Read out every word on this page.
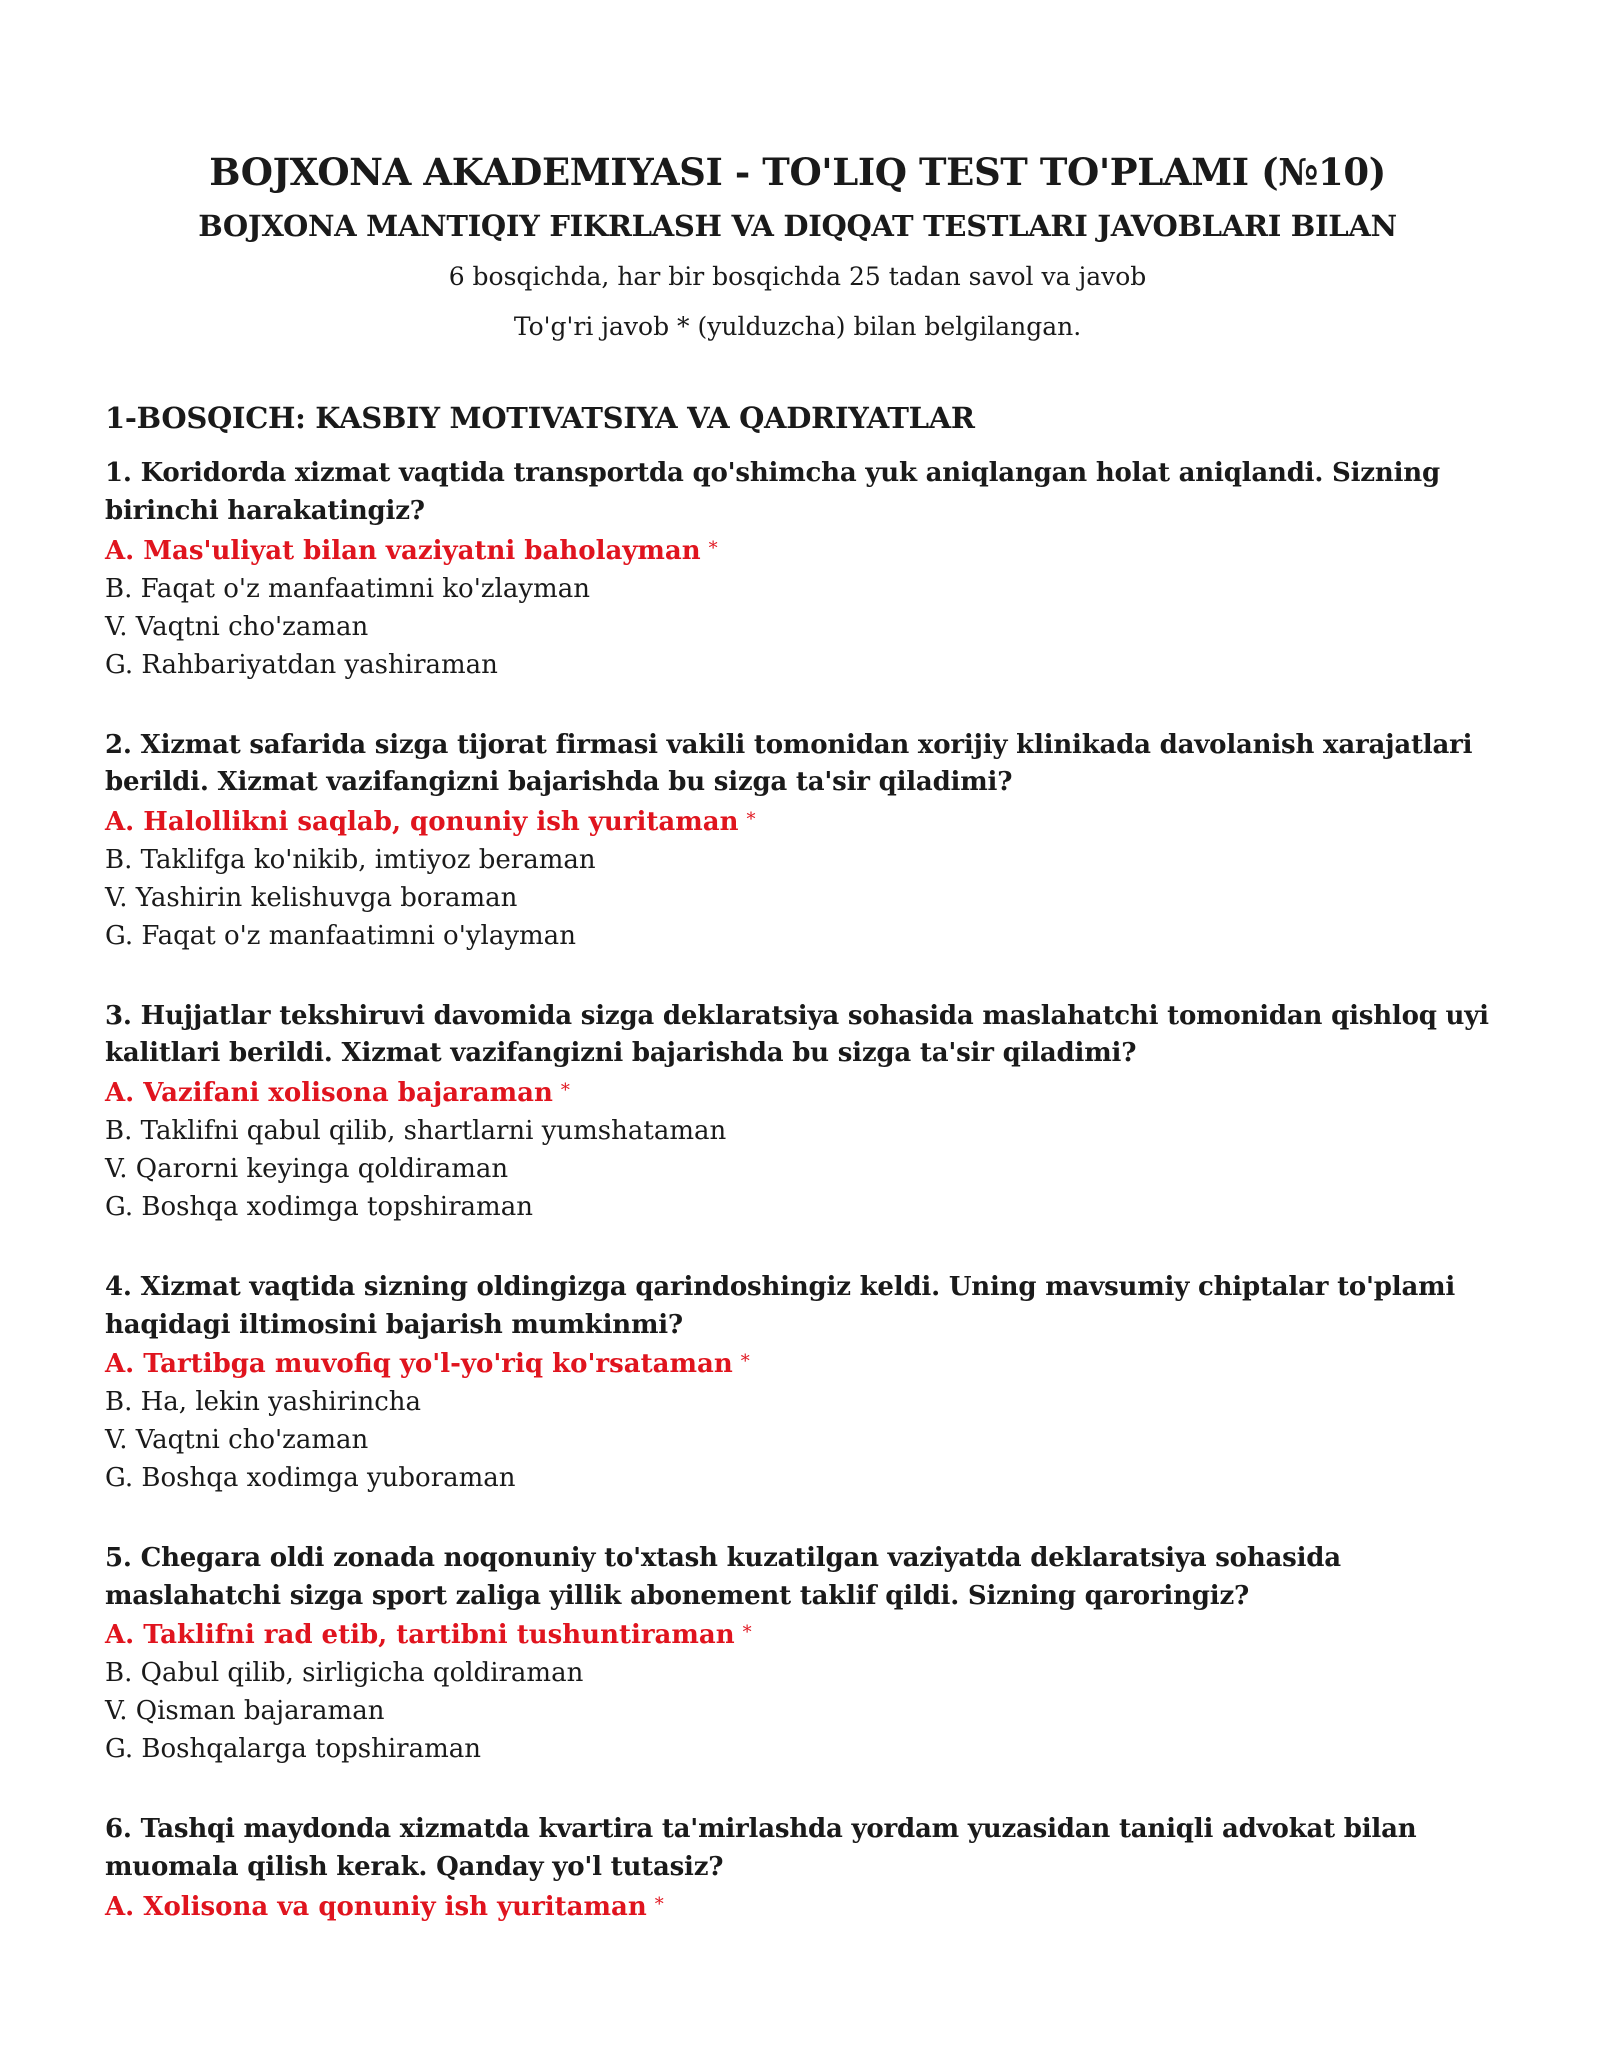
BOJXONA AKADEMIYASI - TO'LIQ TEST TO'PLAMI (№10)
BOJXONA MANTIQIY FIKRLASH VA DIQQAT TESTLARI JAVOBLARI BILAN

6 bosqichda, har bir bosqichda 25 tadan savol va javob

To'g'ri javob * (yulduzcha) bilan belgilangan.

1-BOSQICH: KASBIY MOTIVATSIYA VA QADRIYATLAR

1. Koridorda xizmat vaqtida transportda qo'shimcha yuk aniqlangan holat aniqlandi. Sizning birinchi harakatingiz?

A. Mas'uliyat bilan vaziyatni baholayman *
B. Faqat o'z manfaatimni ko'zlayman
V. Vaqtni cho'zaman
G. Rahbariyatdan yashiraman

2. Xizmat safarida sizga tijorat firmasi vakili tomonidan xorijiy klinikada davolanish xarajatlari berildi. Xizmat vazifangizni bajarishda bu sizga ta'sir qiladimi?

A. Halollikni saqlab, qonuniy ish yuritaman *
B. Taklifga ko'nikib, imtiyoz beraman
V. Yashirin kelishuvga boraman
G. Faqat o'z manfaatimni o'ylayman

3. Hujjatlar tekshiruvi davomida sizga deklaratsiya sohasida maslahatchi tomonidan qishloq uyi kalitlari berildi. Xizmat vazifangizni bajarishda bu sizga ta'sir qiladimi?

A. Vazifani xolisona bajaraman *
B. Taklifni qabul qilib, shartlarni yumshataman
V. Qarorni keyinga qoldiraman
G. Boshqa xodimga topshiraman

4. Xizmat vaqtida sizning oldingizga qarindoshingiz keldi. Uning mavsumiy chiptalar to'plami haqidagi iltimosini bajarish mumkinmi?

A. Tartibga muvofiq yo'l-yo'riq ko'rsataman *
B. Ha, lekin yashirincha
V. Vaqtni cho'zaman
G. Boshqa xodimga yuboraman

5. Chegara oldi zonada noqonuniy to'xtash kuzatilgan vaziyatda deklaratsiya sohasida maslahatchi sizga sport zaliga yillik abonement taklif qildi. Sizning qaroringiz?

A. Taklifni rad etib, tartibni tushuntiraman *
B. Qabul qilib, sirligicha qoldiraman
V. Qisman bajaraman
G. Boshqalarga topshiraman

6. Tashqi maydonda xizmatda kvartira ta'mirlashda yordam yuzasidan taniqli advokat bilan muomala qilish kerak. Qanday yo'l tutasiz?

A. Xolisona va qonuniy ish yuritaman *
